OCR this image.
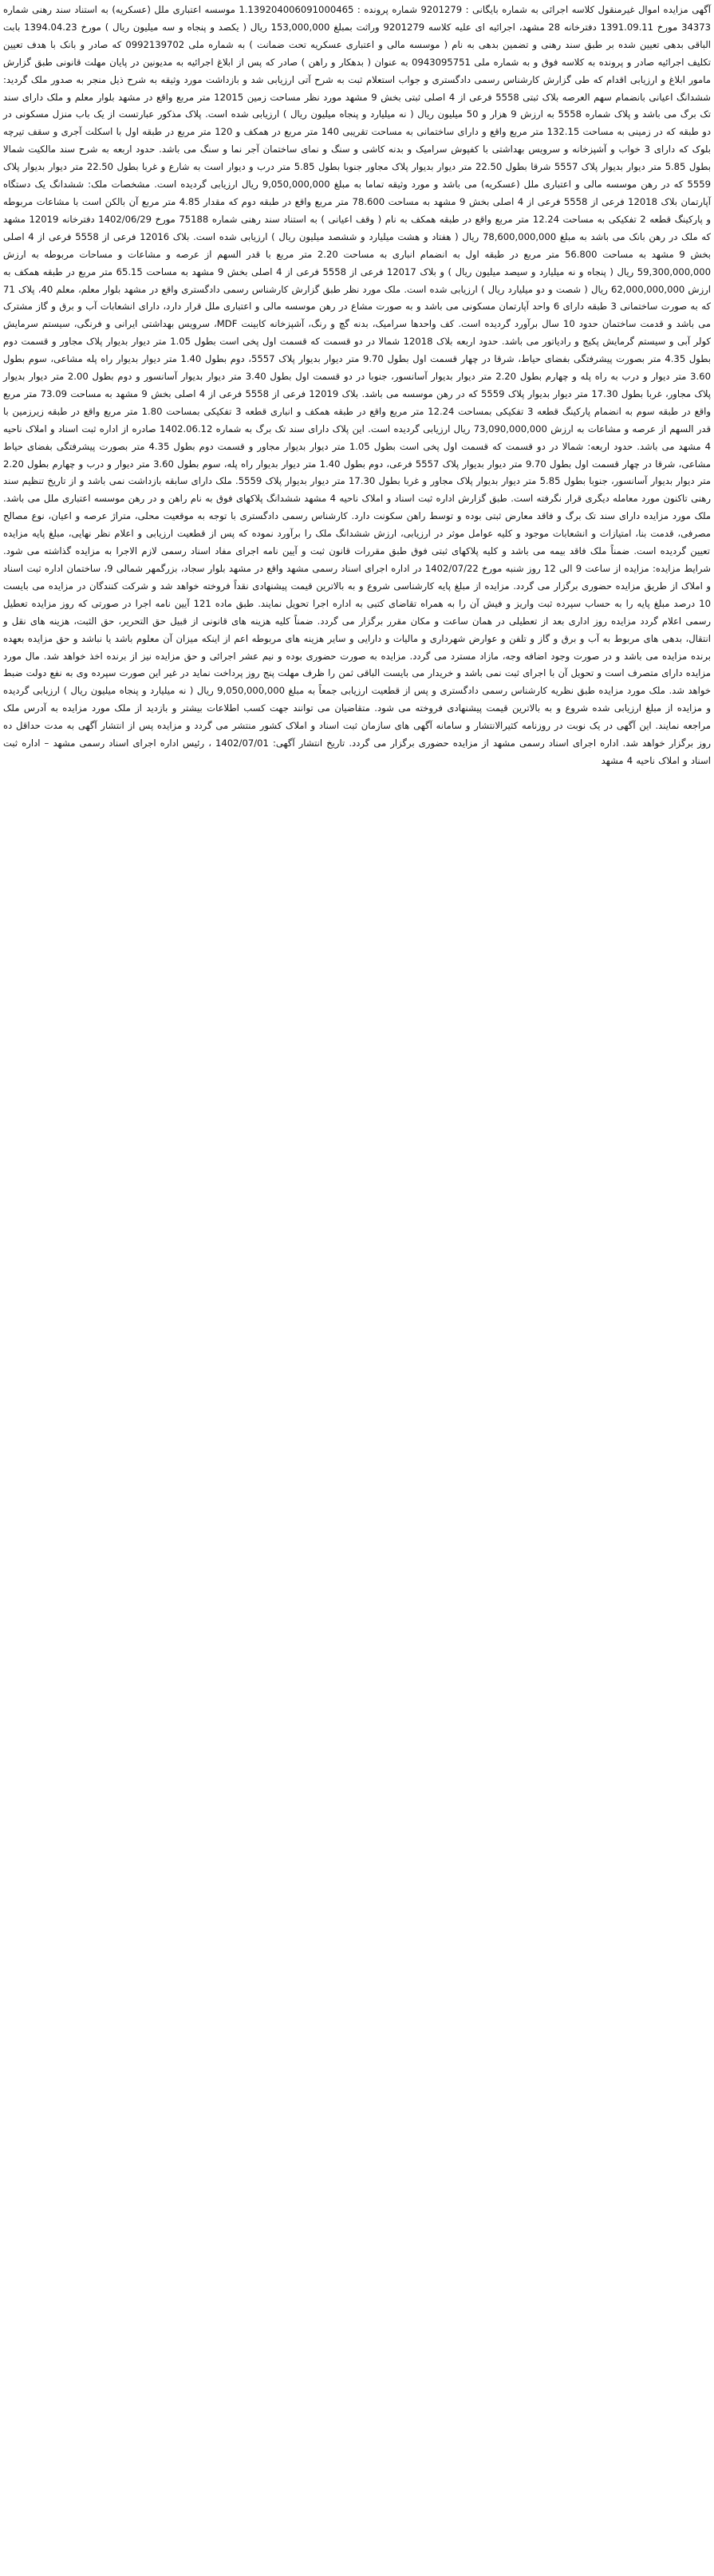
آگهی مزایده اموال غیرمنقول کلاسه اجرائی به شماره بایگانی : 9201279 شماره پرونده : 1.139204006091000465 موسسه اعتباری ملل (عسکریه) به استناد سند رهنی شماره 34373 مورخ 1391.09.11 دفترخانه 28 مشهد، اجرائیه ای علیه کلاسه 9201279 وراثت بمبلغ 153,000,000 ریال ( یکصد و پنجاه و سه میلیون ریال ) مورخ 1394.04.23 بابت الباقی بدهی تعیین شده بر طبق سند رهنی و تضمین بدهی به نام ( موسسه مالی و اعتباری عسکریه تحت ضمانت ) به شماره ملی 0992139702 که صادر و بانک با هدف تعیین تکلیف اجرائیه صادر و پرونده به کلاسه فوق و به شماره ملی 0943095751 به عنوان ( بدهکار و راهن ) صادر که پس از ابلاغ اجرائیه به مدیونین در پایان مهلت قانونی طبق گزارش مامور ابلاغ و ارزیابی اقدام که طی گزارش کارشناس رسمی دادگستری و جواب استعلام ثبت به شرح آتی ارزیابی شد و بازداشت مورد وثیقه به شرح ذیل منجر به صدور ملک گردید: ششدانگ اعیانی بانضمام سهم العرصه بلاک ثبتی 5558 فرعی از 4 اصلی ثبتی بخش 9 مشهد مورد نظر مساحت زمین 12015 متر مربع واقع در مشهد بلوار معلم و ملک دارای سند تک برگ می باشد و پلاک شماره 5558 به ارزش 9 هزار و 50 میلیون ریال ( نه میلیارد و پنجاه میلیون ریال ) ارزیابی شده است. پلاک مذکور عبارتست از یک باب منزل مسکونی در دو طبقه که در زمینی به مساحت 132.15 متر مربع واقع و دارای ساختمانی به مساحت تقریبی 140 متر مربع در همکف و 120 متر مربع در طبقه اول با اسکلت آجری و سقف تیرچه بلوک که دارای 3 خواب و آشپزخانه و سرویس بهداشتی با کفپوش سرامیک و بدنه کاشی و سنگ و نمای ساختمان آجر نما و سنگ می باشد. حدود اربعه به شرح سند مالکیت شمالا بطول 5.85 متر دیوار بدیوار پلاک 5557 شرقا بطول 22.50 متر دیوار بدیوار پلاک مجاور جنوبا بطول 5.85 متر درب و دیوار است به شارع و غربا بطول 22.50 متر دیوار بدیوار پلاک 5559 که در رهن موسسه مالی و اعتباری ملل (عسکریه) می باشد و مورد وثیقه تماما به مبلغ 9,050,000,000 ریال ارزیابی گردیده است. مشخصات ملک: ششدانگ یک دستگاه آپارتمان بلاک 12018 فرعی از 5558 فرعی از 4 اصلی بخش 9 مشهد به مساحت 78.600 متر مربع واقع در طبقه دوم که مقدار 4.85 متر مربع آن بالکن است با مشاعات مربوطه و پارکینگ قطعه 2 تفکیکی به مساحت 12.24 متر مربع واقع در طبقه همکف به نام ( وقف اعیانی ) به استناد سند رهنی شماره 75188 مورخ 1402/06/29 دفترخانه 12019 مشهد که ملک در رهن بانک می باشد به مبلغ 78,600,000,000 ریال ( هفتاد و هشت میلیارد و ششصد میلیون ریال ) ارزیابی شده است. بلاک 12016 فرعی از 5558 فرعی از 4 اصلی بخش 9 مشهد به مساحت 56.800 متر مربع در طبقه اول به انضمام انباری به مساحت 2.20 متر مربع با قدر السهم از عرصه و مشاعات و مساحات مربوطه به ارزش 59,300,000,000 ریال ( پنجاه و نه میلیارد و سیصد میلیون ریال ) و بلاک 12017 فرعی از 5558 فرعی از 4 اصلی بخش 9 مشهد به مساحت 65.15 متر مربع در طبقه همکف به ارزش 62,000,000,000 ریال ( شصت و دو میلیارد ریال ) ارزیابی شده است. ملک مورد نظر طبق گزارش کارشناس رسمی دادگستری واقع در مشهد بلوار معلم، معلم 40، پلاک 71 که به صورت ساختمانی 3 طبقه دارای 6 واحد آپارتمان مسکونی می باشد و به صورت مشاع در رهن موسسه مالی و اعتباری ملل قرار دارد، دارای انشعابات آب و برق و گاز مشترک می باشد و قدمت ساختمان حدود 10 سال برآورد گردیده است. کف واحدها سرامیک، بدنه گچ و رنگ، آشپزخانه کابینت MDF، سرویس بهداشتی ایرانی و فرنگی، سیستم سرمایش کولر آبی و سیستم گرمایش پکیج و رادیاتور می باشد. حدود اربعه بلاک 12018 شمالا در دو قسمت که قسمت اول پخی است بطول 1.05 متر دیوار بدیوار پلاک مجاور و قسمت دوم بطول 4.35 متر بصورت پیشرفتگی بفضای حیاط، شرقا در چهار قسمت اول بطول 9.70 متر دیوار بدیوار پلاک 5557، دوم بطول 1.40 متر دیوار بدیوار راه پله مشاعی، سوم بطول 3.60 متر دیوار و درب به راه پله و چهارم بطول 2.20 متر دیوار بدیوار آسانسور، جنوبا در دو قسمت اول بطول 3.40 متر دیوار بدیوار آسانسور و دوم بطول 2.00 متر دیوار بدیوار پلاک مجاور، غربا بطول 17.30 متر دیوار بدیوار پلاک 5559 که در رهن موسسه می باشد. بلاک 12019 فرعی از 5558 فرعی از 4 اصلی بخش 9 مشهد به مساحت 73.09 متر مربع واقع در طبقه سوم به انضمام پارکینگ قطعه 3 تفکیکی بمساحت 12.24 متر مربع واقع در طبقه همکف و انباری قطعه 3 تفکیکی بمساحت 1.80 متر مربع واقع در طبقه زیرزمین با قدر السهم از عرصه و مشاعات به ارزش 73,090,000,000 ریال ارزیابی گردیده است. این پلاک دارای سند تک برگ به شماره 1402.06.12 صادره از اداره ثبت اسناد و املاک ناحیه 4 مشهد می باشد. حدود اربعه: شمالا در دو قسمت که قسمت اول پخی است بطول 1.05 متر دیوار بدیوار مجاور و قسمت دوم بطول 4.35 متر بصورت پیشرفتگی بفضای حیاط مشاعی، شرقا در چهار قسمت اول بطول 9.70 متر دیوار بدیوار پلاک 5557 فرعی، دوم بطول 1.40 متر دیوار بدیوار راه پله، سوم بطول 3.60 متر دیوار و درب و چهارم بطول 2.20 متر دیوار بدیوار آسانسور، جنوبا بطول 5.85 متر دیوار بدیوار پلاک مجاور و غربا بطول 17.30 متر دیوار بدیوار پلاک 5559. ملک دارای سابقه بازداشت نمی باشد و از تاریخ تنظیم سند رهنی تاکنون مورد معامله دیگری قرار نگرفته است. طبق گزارش اداره ثبت اسناد و املاک ناحیه 4 مشهد ششدانگ پلاکهای فوق به نام راهن و در رهن موسسه اعتباری ملل می باشد. ملک مورد مزایده دارای سند تک برگ و فاقد معارض ثبتی بوده و توسط راهن سکونت دارد. کارشناس رسمی دادگستری با توجه به موقعیت محلی، متراژ عرصه و اعیان، نوع مصالح مصرفی، قدمت بنا، امتیازات و انشعابات موجود و کلیه عوامل موثر در ارزیابی، ارزش ششدانگ ملک را برآورد نموده که پس از قطعیت ارزیابی و اعلام نظر نهایی، مبلغ پایه مزایده تعیین گردیده است. ضمناً ملک فاقد بیمه می باشد و کلیه پلاکهای ثبتی فوق طبق مقررات قانون ثبت و آیین نامه اجرای مفاد اسناد رسمی لازم الاجرا به مزایده گذاشته می شود. شرایط مزایده: مزایده از ساعت 9 الی 12 روز شنبه مورخ 1402/07/22 در اداره اجرای اسناد رسمی مشهد واقع در مشهد بلوار سجاد، بزرگمهر شمالی 9، ساختمان اداره ثبت اسناد و املاک از طریق مزایده حضوری برگزار می گردد. مزایده از مبلغ پایه کارشناسی شروع و به بالاترین قیمت پیشنهادی نقداً فروخته خواهد شد و شرکت کنندگان در مزایده می بایست 10 درصد مبلغ پایه را به حساب سپرده ثبت واریز و فیش آن را به همراه تقاضای کتبی به اداره اجرا تحویل نمایند. طبق ماده 121 آیین نامه اجرا در صورتی که روز مزایده تعطیل رسمی اعلام گردد مزایده روز اداری بعد از تعطیلی در همان ساعت و مکان مقرر برگزار می گردد. ضمناً کلیه هزینه های قانونی از قبیل حق التحریر، حق الثبت، هزینه های نقل و انتقال، بدهی های مربوط به آب و برق و گاز و تلفن و عوارض شهرداری و مالیات و دارایی و سایر هزینه های مربوطه اعم از اینکه میزان آن معلوم باشد یا نباشد و حق مزایده بعهده برنده مزایده می باشد و در صورت وجود اضافه وجه، مازاد مسترد می گردد. مزایده به صورت حضوری بوده و نیم عشر اجرائی و حق مزایده نیز از برنده اخذ خواهد شد. مال مورد مزایده دارای متصرف است و تحویل آن با اجرای ثبت نمی باشد و خریدار می بایست الباقی ثمن را ظرف مهلت پنج روز پرداخت نماید در غیر این صورت سپرده وی به نفع دولت ضبط خواهد شد. ملک مورد مزایده طبق نظریه کارشناس رسمی دادگستری و پس از قطعیت ارزیابی جمعاً به مبلغ 9,050,000,000 ریال ( نه میلیارد و پنجاه میلیون ریال ) ارزیابی گردیده و مزایده از مبلغ ارزیابی شده شروع و به بالاترین قیمت پیشنهادی فروخته می شود. متقاضیان می توانند جهت کسب اطلاعات بیشتر و بازدید از ملک مورد مزایده به آدرس ملک مراجعه نمایند. این آگهی در یک نوبت در روزنامه کثیرالانتشار و سامانه آگهی های سازمان ثبت اسناد و املاک کشور منتشر می گردد و مزایده پس از انتشار آگهی به مدت حداقل ده روز برگزار خواهد شد. اداره اجرای اسناد رسمی مشهد از مزایده حضوری برگزار می گردد. تاریخ انتشار آگهی: 1402/07/01 ، رئیس اداره اجرای اسناد رسمی مشهد – اداره ثبت اسناد و املاک ناحیه 4 مشهد
